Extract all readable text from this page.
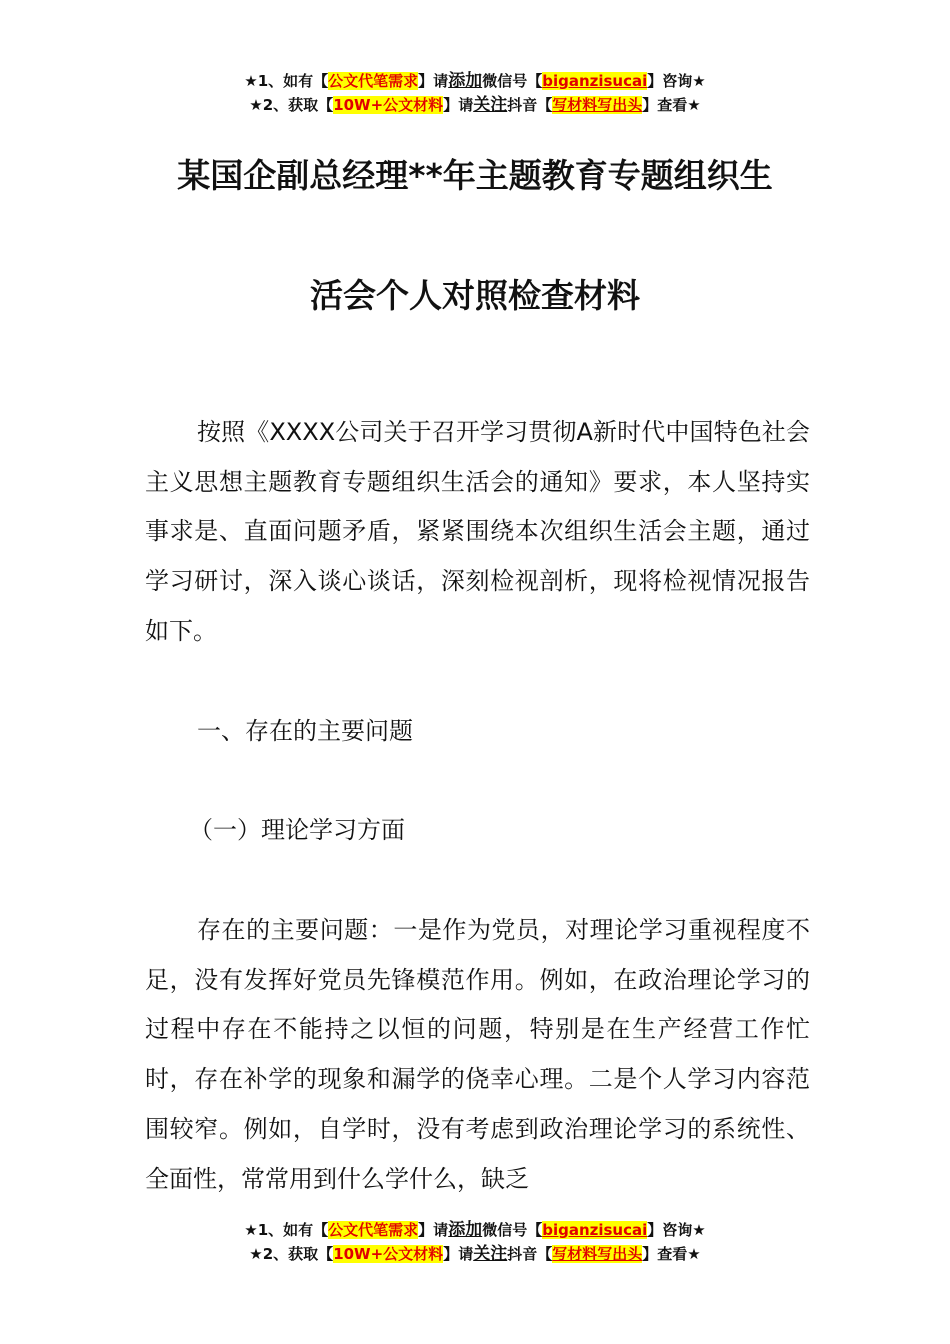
★1、如有【公文代笔需求】请添加微信号【biganzisucai】咨询★
★2、获取【10W+公文材料】请关注抖音【写材料写出头】查看★
某国企副总经理**年主题教育专题组织生
活会个人对照检查材料
按照《XXXX公司关于召开学习贯彻A新时代中国特色社会主义思想主题教育专题组织生活会的通知》要求，本人坚持实事求是、直面问题矛盾，紧紧围绕本次组织生活会主题，通过学习研讨，深入谈心谈话，深刻检视剖析，现将检视情况报告如下。
一、存在的主要问题
（一）理论学习方面
存在的主要问题：一是作为党员，对理论学习重视程度不足，没有发挥好党员先锋模范作用。例如，在政治理论学习的过程中存在不能持之以恒的问题，特别是在生产经营工作忙时，存在补学的现象和漏学的侥幸心理。二是个人学习内容范围较窄。例如，自学时，没有考虑到政治理论学习的系统性、全面性，常常用到什么学什么，缺乏
★1、如有【公文代笔需求】请添加微信号【biganzisucai】咨询★
★2、获取【10W+公文材料】请关注抖音【写材料写出头】查看★
